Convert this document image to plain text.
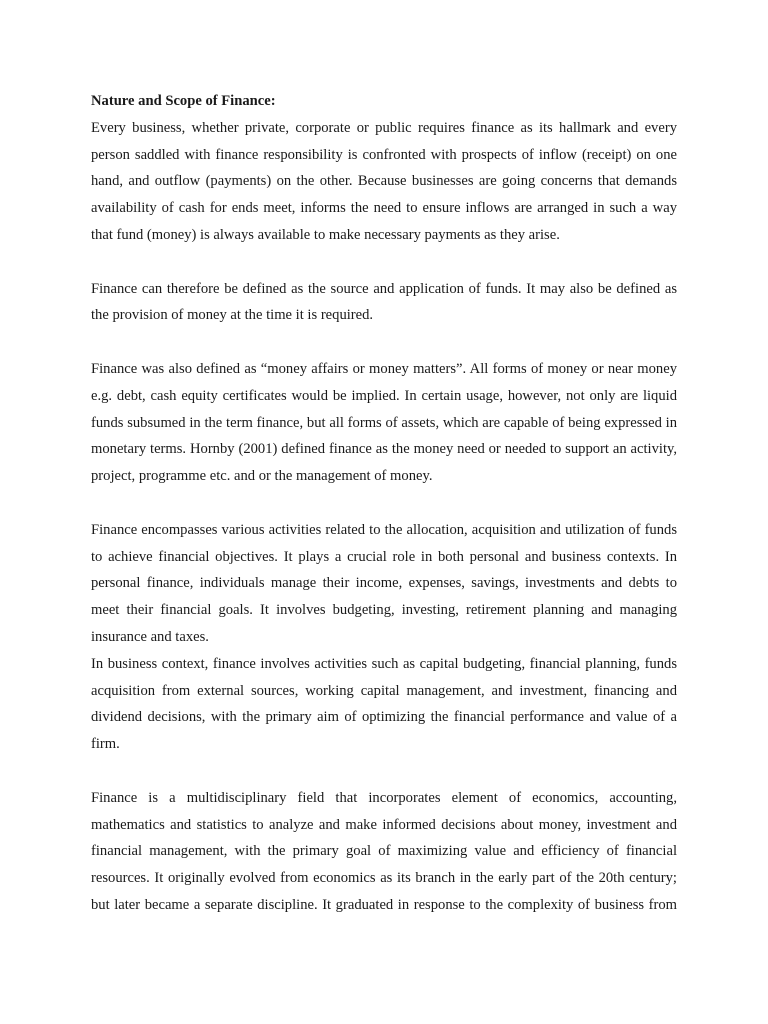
Nature and Scope of Finance:

Every business, whether private, corporate or public requires finance as its hallmark and every person saddled with finance responsibility is confronted with prospects of inflow (receipt) on one hand, and outflow (payments) on the other. Because businesses are going concerns that demands availability of cash for ends meet, informs the need to ensure inflows are arranged in such a way that fund (money) is always available to make necessary payments as they arise.

Finance can therefore be defined as the source and application of funds. It may also be defined as the provision of money at the time it is required.

Finance was also defined as “money affairs or money matters”. All forms of money or near money e.g. debt, cash equity certificates would be implied. In certain usage, however, not only are liquid funds subsumed in the term finance, but all forms of assets, which are capable of being expressed in monetary terms. Hornby (2001) defined finance as the money need or needed to support an activity, project, programme etc. and or the management of money.

Finance encompasses various activities related to the allocation, acquisition and utilization of funds to achieve financial objectives. It plays a crucial role in both personal and business contexts. In personal finance, individuals manage their income, expenses, savings, investments and debts to meet their financial goals. It involves budgeting, investing, retirement planning and managing insurance and taxes.

In business context, finance involves activities such as capital budgeting, financial planning, funds acquisition from external sources, working capital management, and investment, financing and dividend decisions, with the primary aim of optimizing the financial performance and value of a firm.

Finance is a multidisciplinary field that incorporates element of economics, accounting, mathematics and statistics to analyze and make informed decisions about money, investment and financial management, with the primary goal of maximizing value and efficiency of financial resources. It originally evolved from economics as its branch in the early part of the 20th century; but later became a separate discipline. It graduated in response to the complexity of business from
